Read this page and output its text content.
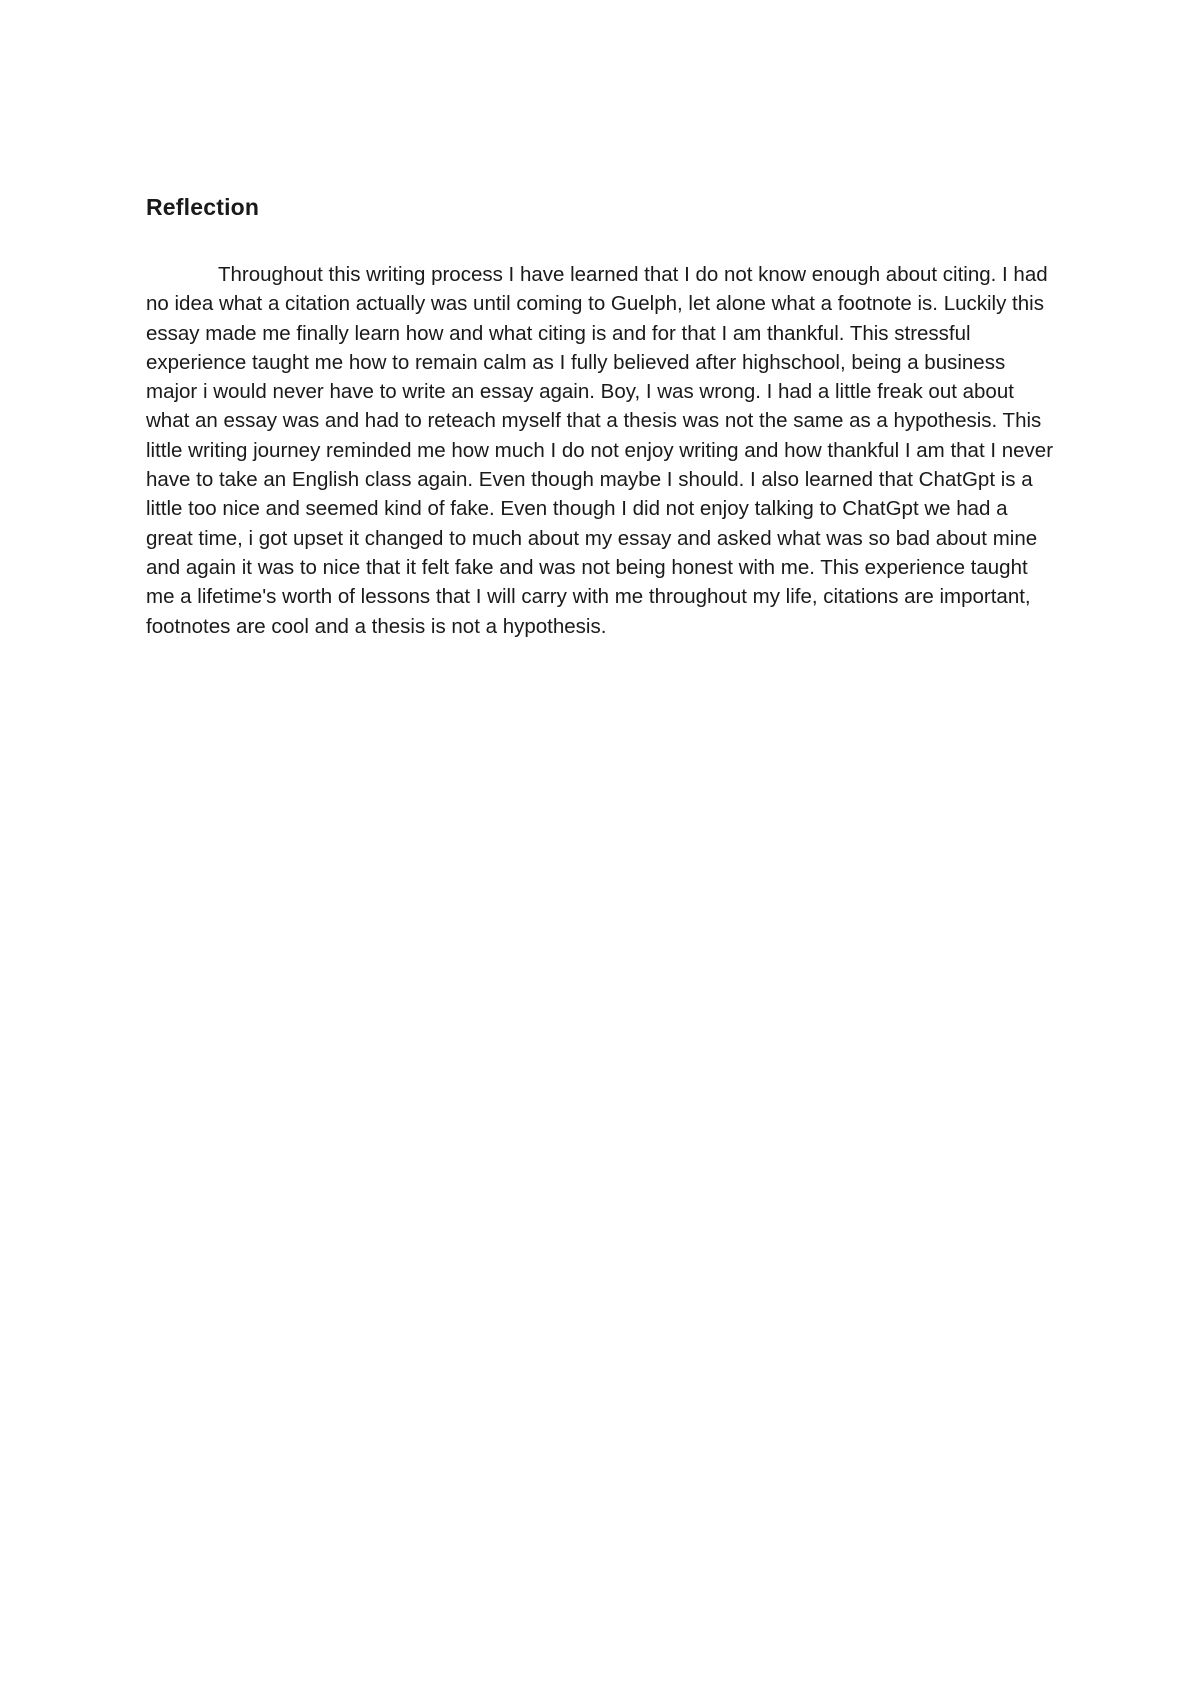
Reflection

Throughout this writing process I have learned that I do not know enough about citing. I had no idea what a citation actually was until coming to Guelph, let alone what a footnote is. Luckily this essay made me finally learn how and what citing is and for that I am thankful. This stressful experience taught me how to remain calm as I fully believed after highschool, being a business major i would never have to write an essay again. Boy, I was wrong. I had a little freak out about what an essay was and had to reteach myself that a thesis was not the same as a hypothesis. This little writing journey reminded me how much I do not enjoy writing and how thankful I am that I never have to take an English class again. Even though maybe I should. I also learned that ChatGpt is a little too nice and seemed kind of fake. Even though I did not enjoy talking to ChatGpt we had a great time, i got upset it changed to much about my essay and asked what was so bad about mine and again it was to nice that it felt fake and was not being honest with me. This experience taught me a lifetime's worth of lessons that I will carry with me throughout my life, citations are important, footnotes are cool and a thesis is not a hypothesis.
